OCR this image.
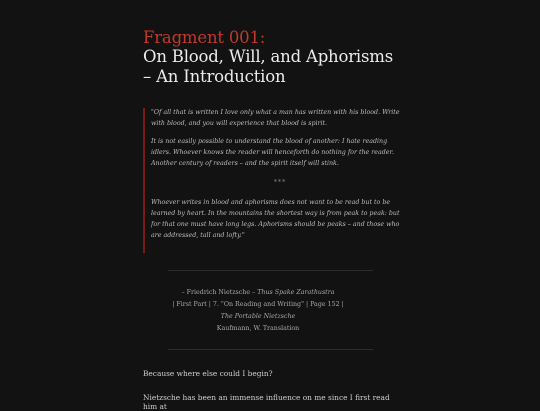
Fragment 001:
On Blood, Will, and Aphorisms
– An Introduction

"Of all that is written I love only what a man has written with his blood. Write with blood, and you will experience that blood is spirit.

It is not easily possible to understand the blood of another: I hate reading idlers. Whoever knows the reader will henceforth do nothing for the reader. Another century of readers – and the spirit itself will stink.

***

Whoever writes in blood and aphorisms does not want to be read but to be learned by heart. In the mountains the shortest way is from peak to peak: but for that one must have long legs. Aphorisms should be peaks – and those who are addressed, tall and lofty."

– Friedrich Nietzsche – Thus Spake Zarathustra
| First Part | 7. "On Reading and Writing" | Page 152 |
The Portable Nietzsche
Kaufmann, W. Translation

Because where else could I begin?

Nietzsche has been an immense influence on me since I first read him at
